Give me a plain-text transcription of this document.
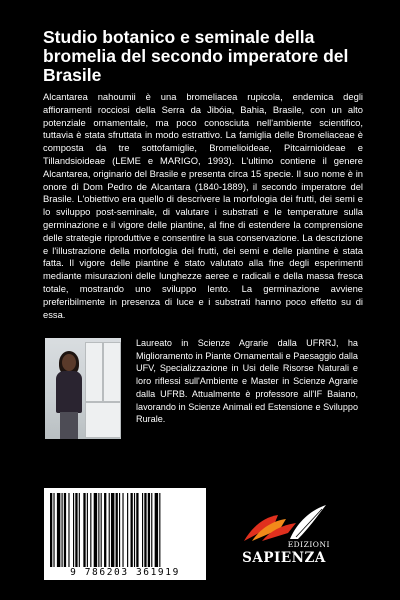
Studio botanico e seminale della bromelia del secondo imperatore del Brasile

Alcantarea nahoumii è una bromeliacea rupicola, endemica degli affioramenti rocciosi della Serra da Jibóia, Bahia, Brasile, con un alto potenziale ornamentale, ma poco conosciuta nell'ambiente scientifico, tuttavia è stata sfruttata in modo estrattivo. La famiglia delle Bromeliaceae è composta da tre sottofamiglie, Bromelioideae, Pitcairnioideae e Tillandsioideae (LEME e MARIGO, 1993). L'ultimo contiene il genere Alcantarea, originario del Brasile e presenta circa 15 specie. Il suo nome è in onore di Dom Pedro de Alcantara (1840-1889), il secondo imperatore del Brasile. L'obiettivo era quello di descrivere la morfologia dei frutti, dei semi e lo sviluppo post-seminale, di valutare i substrati e le temperature sulla germinazione e il vigore delle piantine, al fine di estendere la comprensione delle strategie riproduttive e consentire la sua conservazione. La descrizione e l'illustrazione della morfologia dei frutti, dei semi e delle piantine è stata fatta. Il vigore delle piantine è stato valutato alla fine degli esperimenti mediante misurazioni delle lunghezze aeree e radicali e della massa fresca totale, mostrando uno sviluppo lento. La germinazione avviene preferibilmente in presenza di luce e i substrati hanno poco effetto su di essa.

Laureato in Scienze Agrarie dalla UFRRJ, ha Miglioramento in Piante Ornamentali e Paesaggio dalla UFV, Specializzazione in Usi delle Risorse Naturali e loro riflessi sull'Ambiente e Master in Scienze Agrarie dalla UFRB. Attualmente è professore all'IF Baiano, lavorando in Scienze Animali ed Estensione e Sviluppo Rurale.

9 786203 361919
EDIZIONI
SAPIENZA
